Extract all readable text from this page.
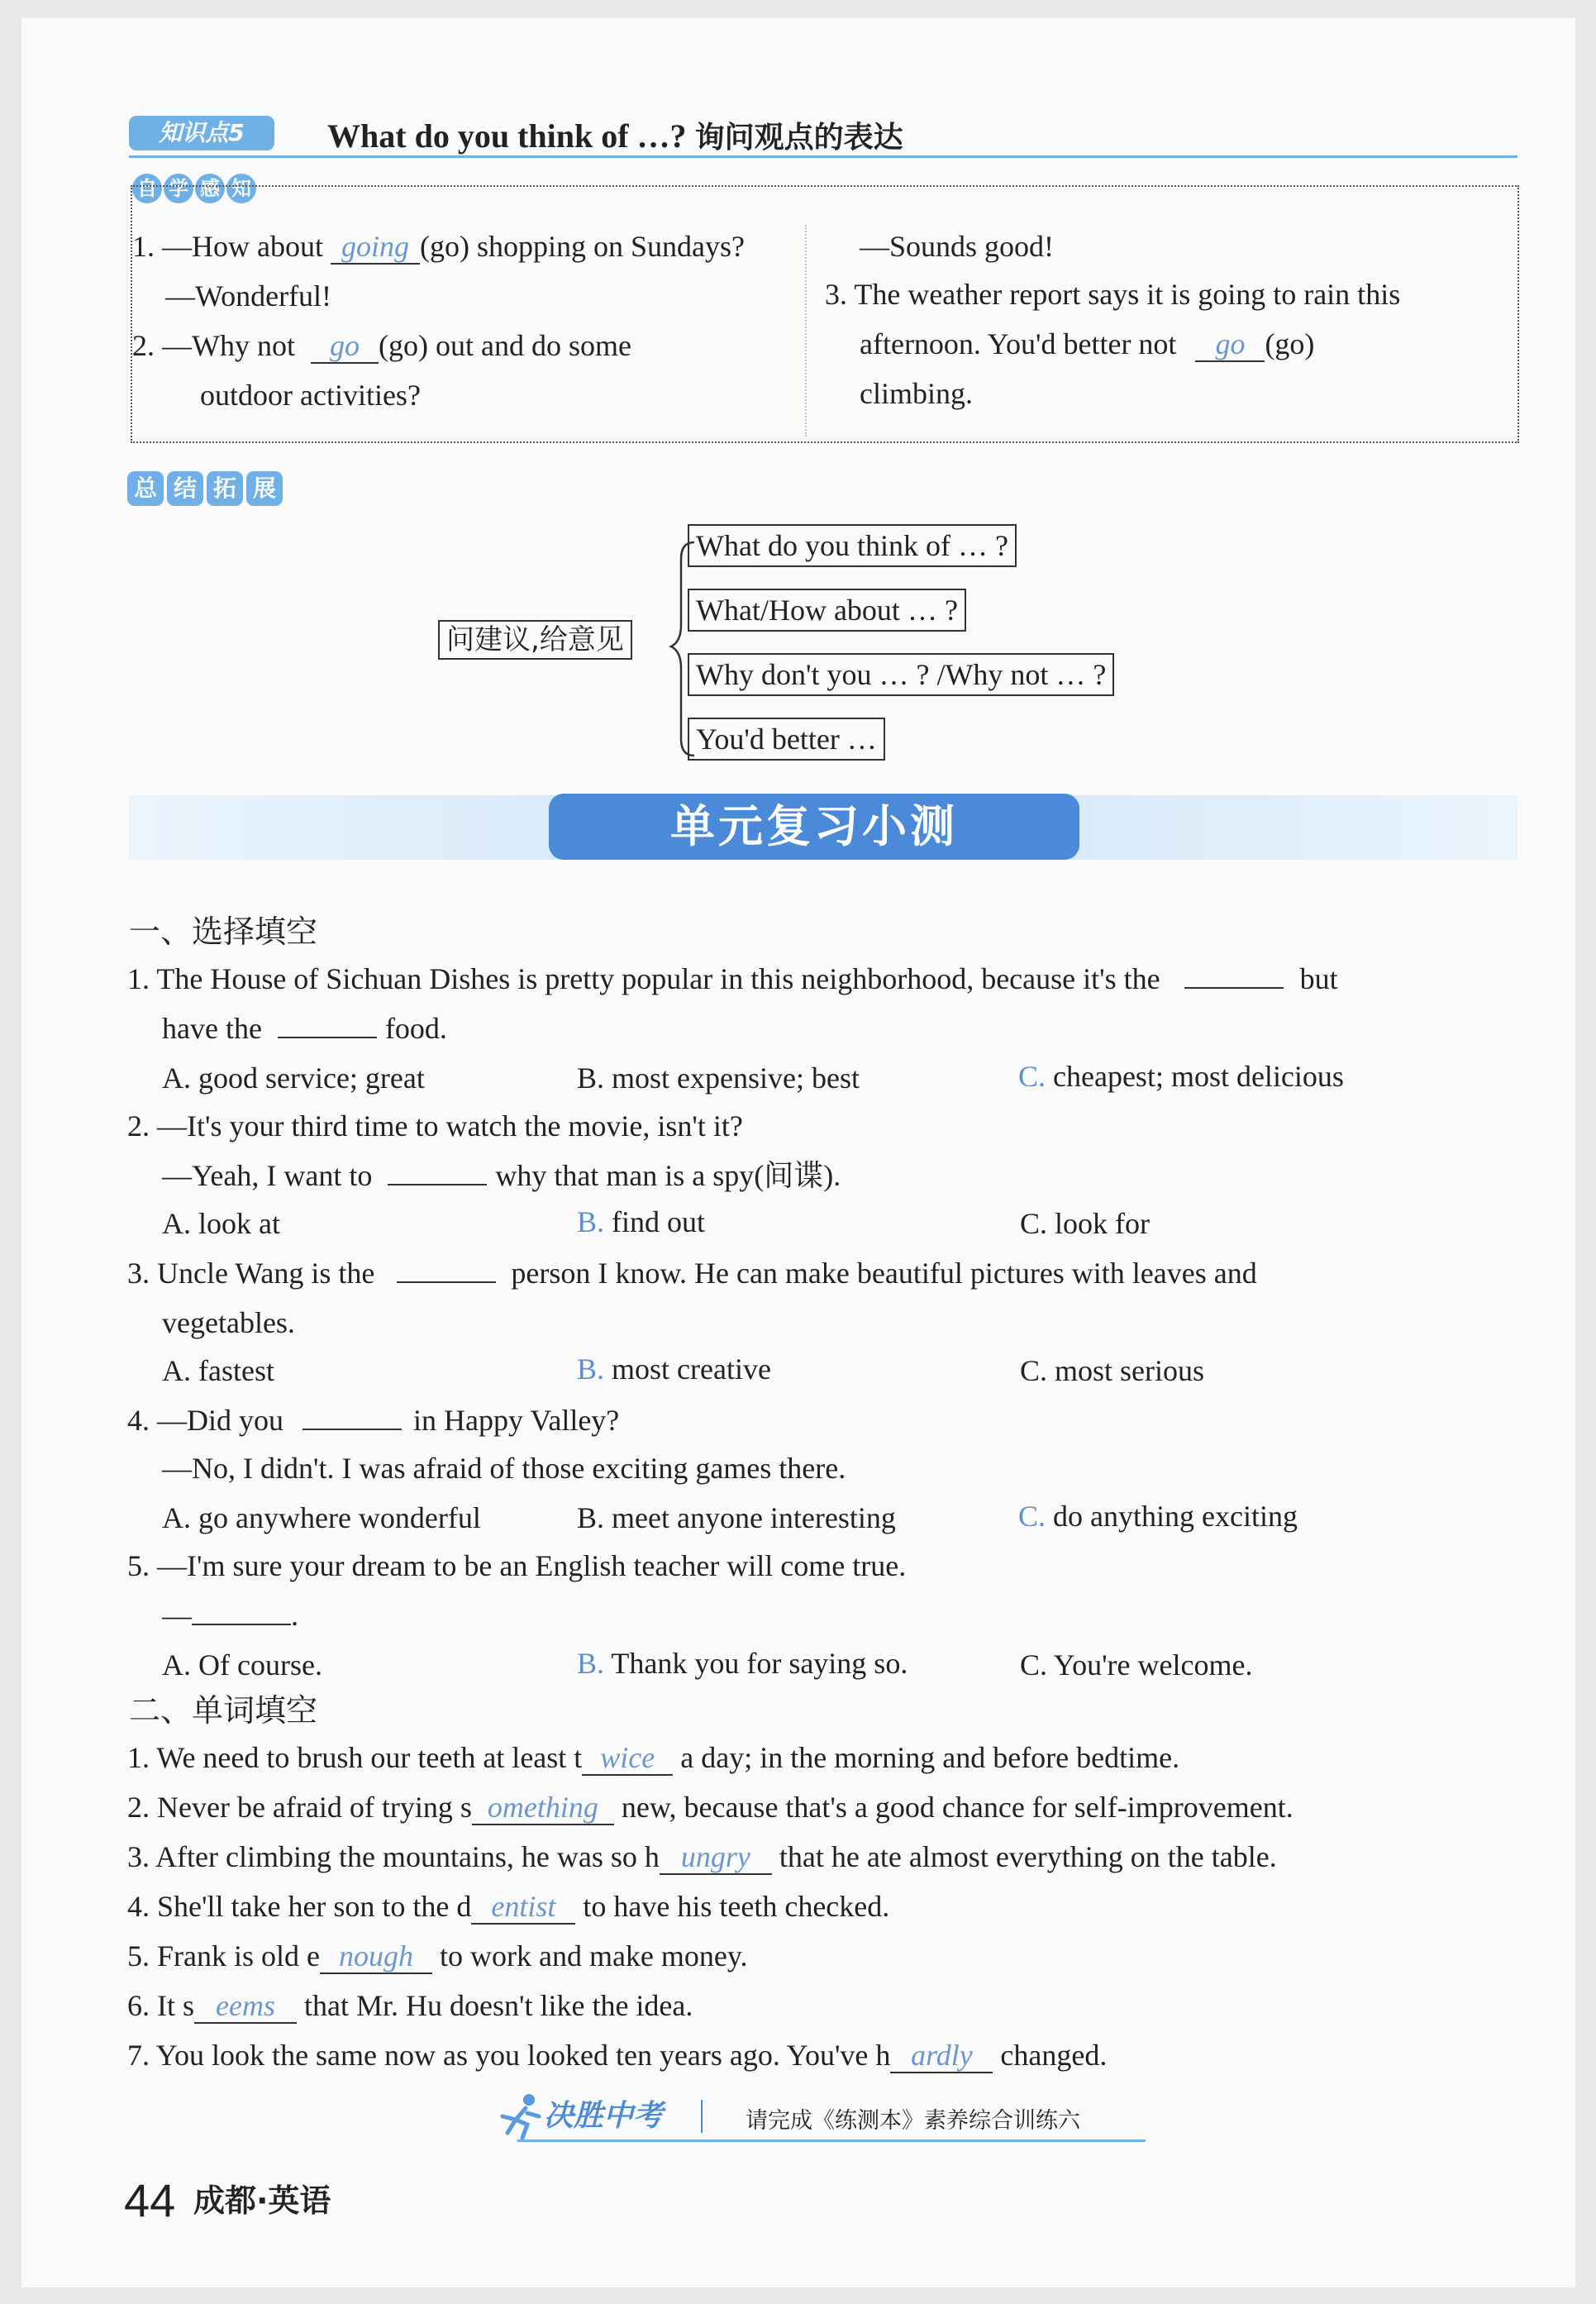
知识点5	What do you think of …? 询问观点的表达
自 学 感 知
1. —How about going (go) shopping on Sundays?
—Wonderful!
2. —Why not go (go) out and do some
outdoor activities?
—Sounds good!
3. The weather report says it is going to rain this
afternoon. You'd better not go (go)
climbing.
总 结 拓 展
问建议,给意见
What do you think of … ?
What/How about … ?
Why don't you … ? /Why not … ?
You'd better …
单元复习小测
一、选择填空
1. The House of Sichuan Dishes is pretty popular in this neighborhood, because it's the	but
have the	food.
A. good service; great	B. most expensive; best	C. cheapest; most delicious
2. —It's your third time to watch the movie, isn't it?
—Yeah, I want to	why that man is a spy(间谍).
A. look at	B. find out	C. look for
3. Uncle Wang is the	person I know. He can make beautiful pictures with leaves and
vegetables.
A. fastest	B. most creative	C. most serious
4. —Did you	in Happy Valley?
—No, I didn't. I was afraid of those exciting games there.
A. go anywhere wonderful	B. meet anyone interesting	C. do anything exciting
5. —I'm sure your dream to be an English teacher will come true.
—	.
A. Of course.	B. Thank you for saying so.	C. You're welcome.
二、单词填空
1. We need to brush our teeth at least t wice a day; in the morning and before bedtime.
2. Never be afraid of trying s omething new, because that's a good chance for self-improvement.
3. After climbing the mountains, he was so h ungry that he ate almost everything on the table.
4. She'll take her son to the d entist to have his teeth checked.
5. Frank is old e nough to work and make money.
6. It s eems that Mr. Hu doesn't like the idea.
7. You look the same now as you looked ten years ago. You've h ardly changed.
决胜中考	请完成《练测本》素养综合训练六
44 成都·英语
